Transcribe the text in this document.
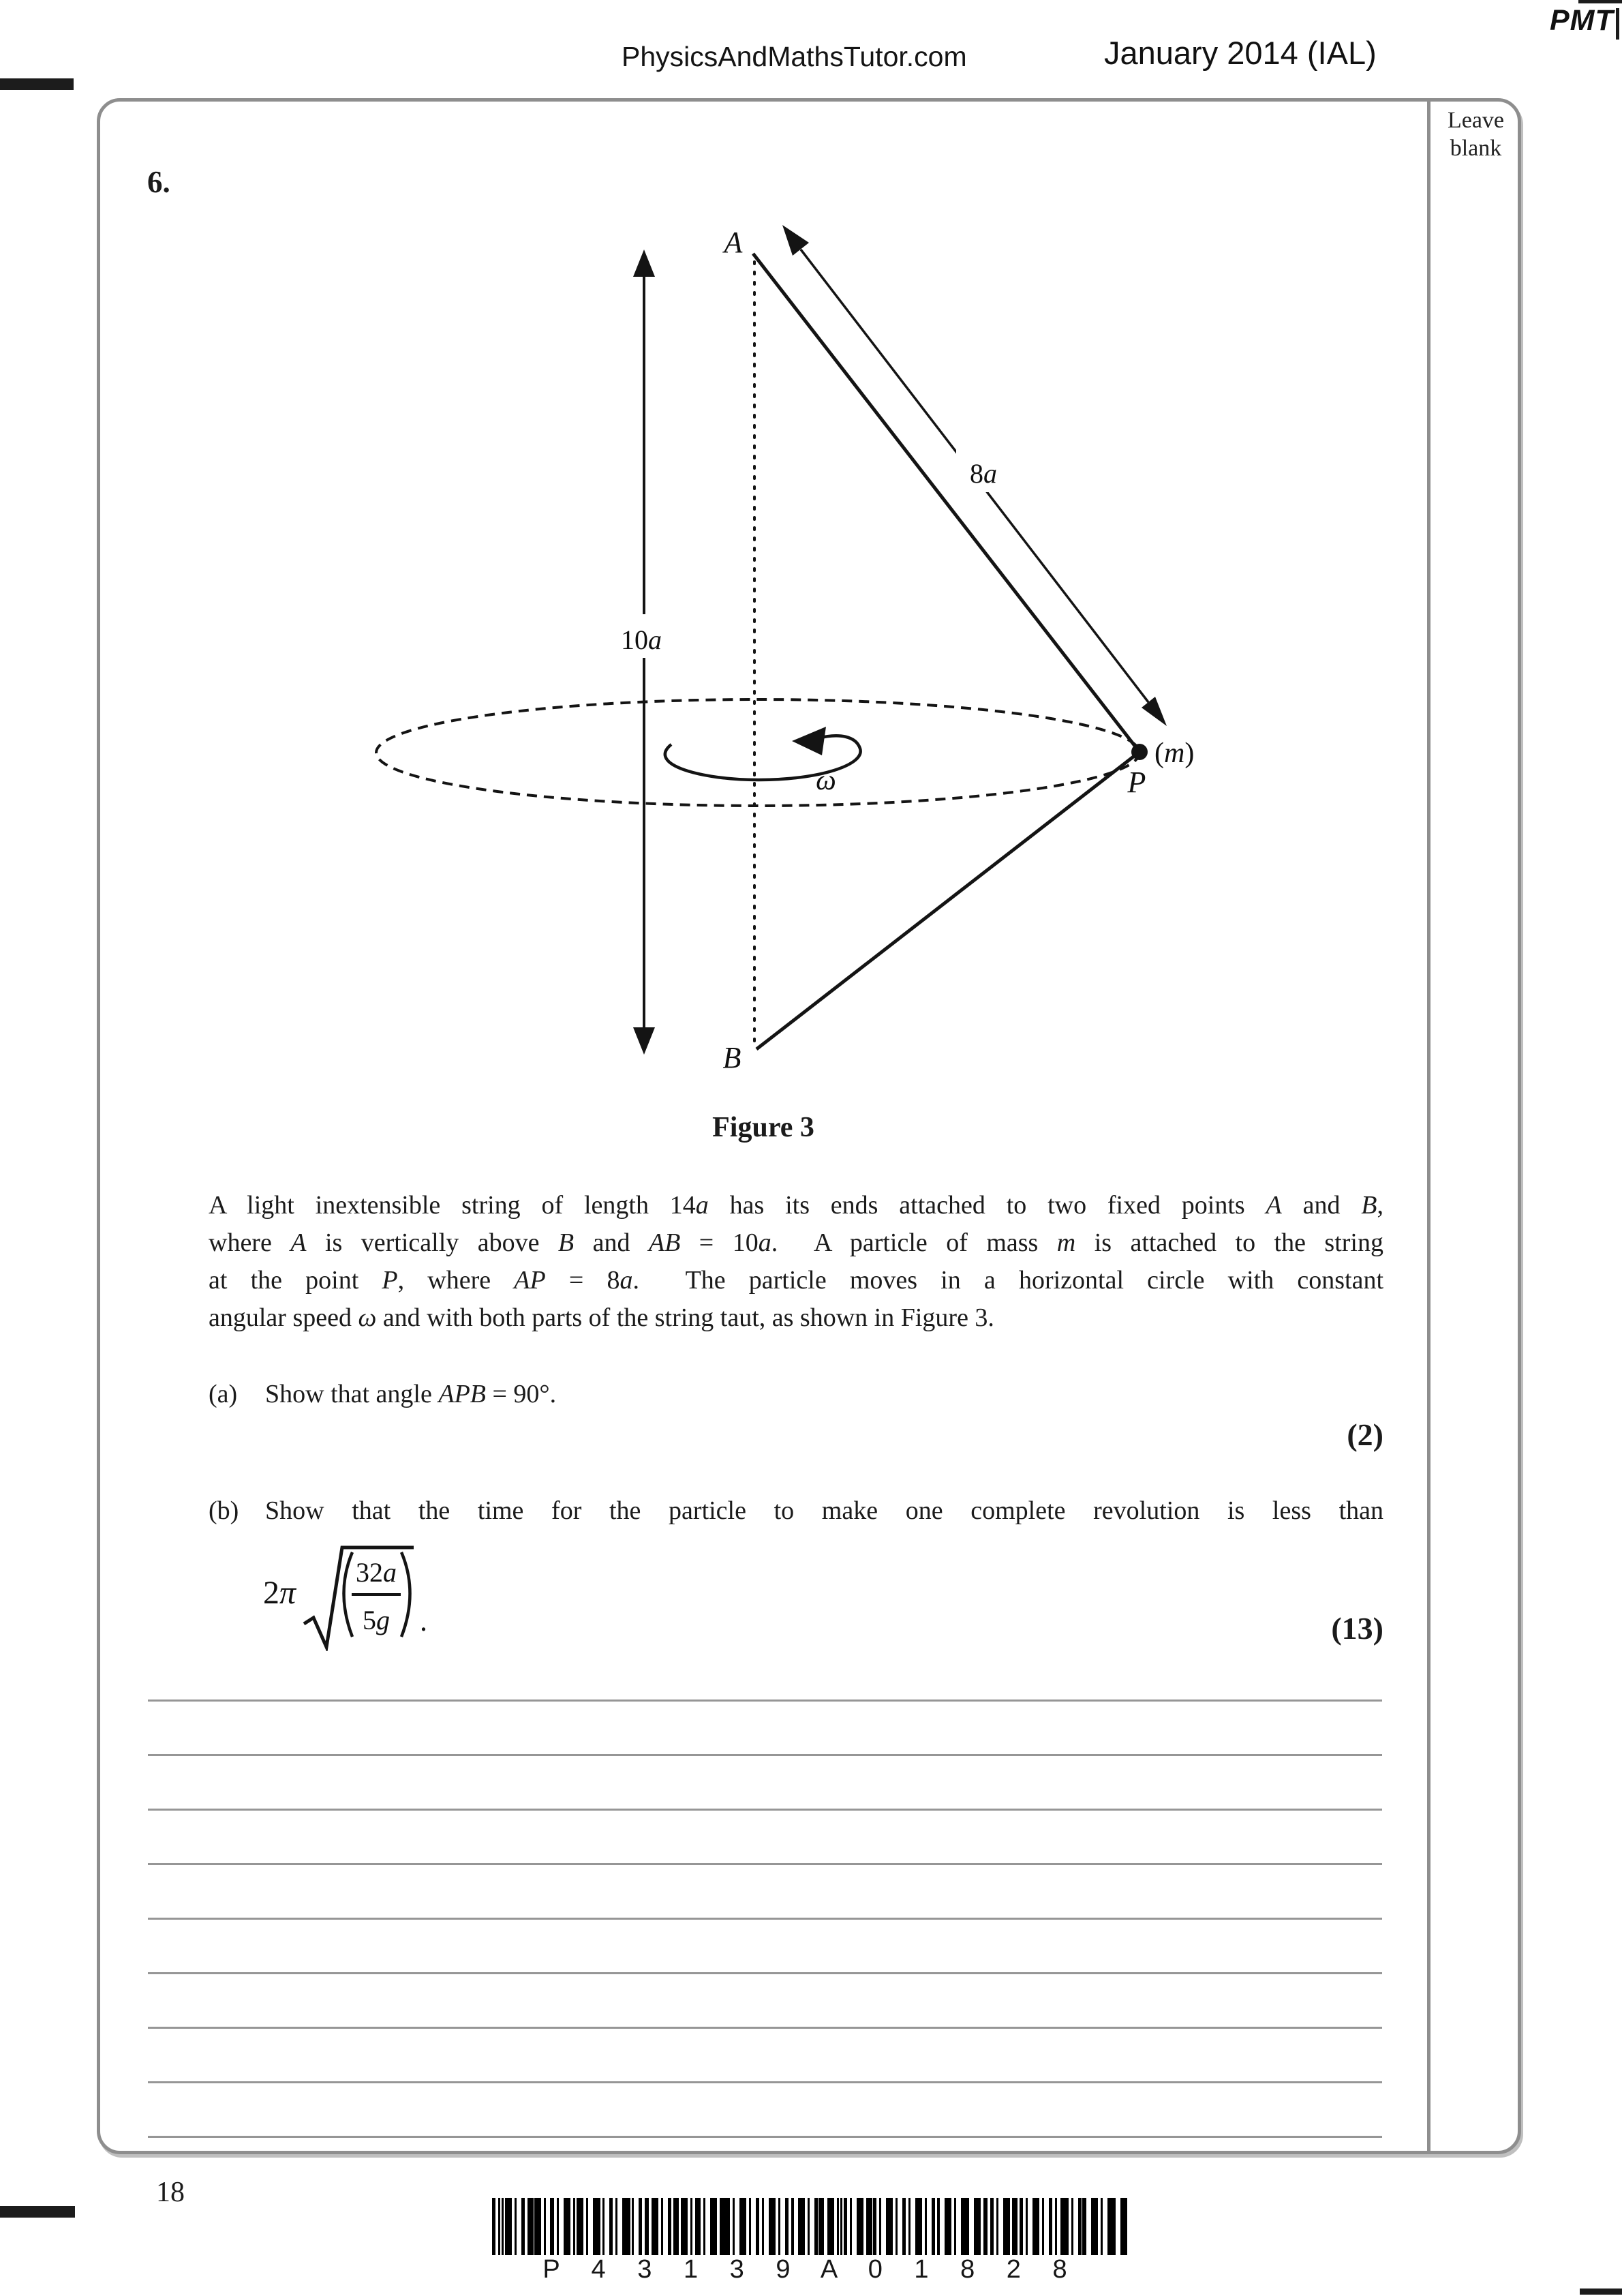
PhysicsAndMathsTutor.com	January 2014 (IAL)
PMT
Leave
blank
6.
10a
8a
ω
(m)
P
A
B
Figure 3
A light inextensible string of length 14a has its ends attached to two fixed points A and B,
where A is vertically above B and AB = 10a.  A particle of mass m is attached to the string
at the point P, where AP = 8a.  The particle moves in a horizontal circle with constant
angular speed ω and with both parts of the string taut, as shown in Figure 3.
(a) Show that angle APB = 90°.
(2)
(b) Show that the time for the particle to make one complete revolution is less than
2π
32a
5g .	(13)
18
P 4 3 1 3 9 A 0 1 8 2 8
